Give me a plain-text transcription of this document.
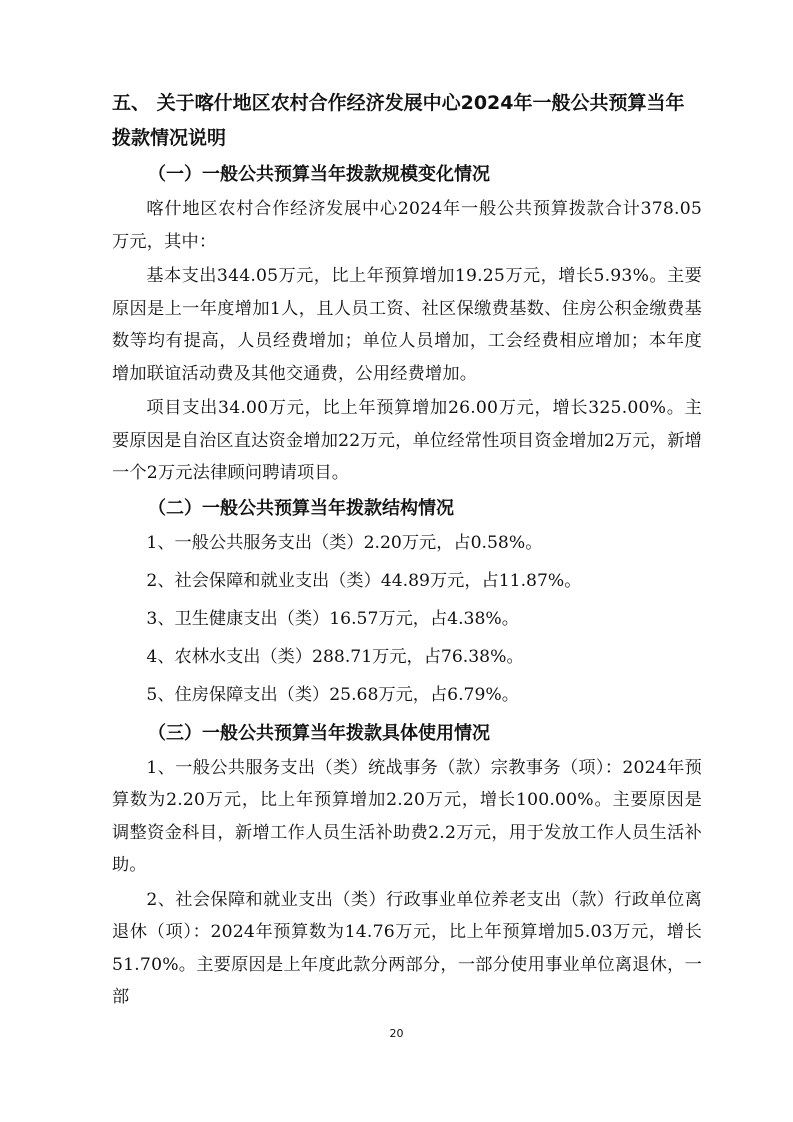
五、 关于喀什地区农村合作经济发展中心2024年一般公共预算当年拨款情况说明

（一）一般公共预算当年拨款规模变化情况

喀什地区农村合作经济发展中心2024年一般公共预算拨款合计378.05万元，其中：

基本支出344.05万元，比上年预算增加19.25万元，增长5.93%。主要原因是上一年度增加1人，且人员工资、社区保缴费基数、住房公积金缴费基数等均有提高，人员经费增加；单位人员增加，工会经费相应增加；本年度增加联谊活动费及其他交通费，公用经费增加。

项目支出34.00万元，比上年预算增加26.00万元，增长325.00%。主要原因是自治区直达资金增加22万元，单位经常性项目资金增加2万元，新增一个2万元法律顾问聘请项目。

（二）一般公共预算当年拨款结构情况

1、一般公共服务支出（类）2.20万元，占0.58%。

2、社会保障和就业支出（类）44.89万元，占11.87%。

3、卫生健康支出（类）16.57万元，占4.38%。

4、农林水支出（类）288.71万元，占76.38%。

5、住房保障支出（类）25.68万元，占6.79%。

（三）一般公共预算当年拨款具体使用情况

1、一般公共服务支出（类）统战事务（款）宗教事务（项）：2024年预算数为2.20万元，比上年预算增加2.20万元，增长100.00%。主要原因是调整资金科目，新增工作人员生活补助费2.2万元，用于发放工作人员生活补助。

2、社会保障和就业支出（类）行政事业单位养老支出（款）行政单位离退休（项）：2024年预算数为14.76万元，比上年预算增加5.03万元，增长51.70%。主要原因是上年度此款分两部分，一部分使用事业单位离退休，一部

20
